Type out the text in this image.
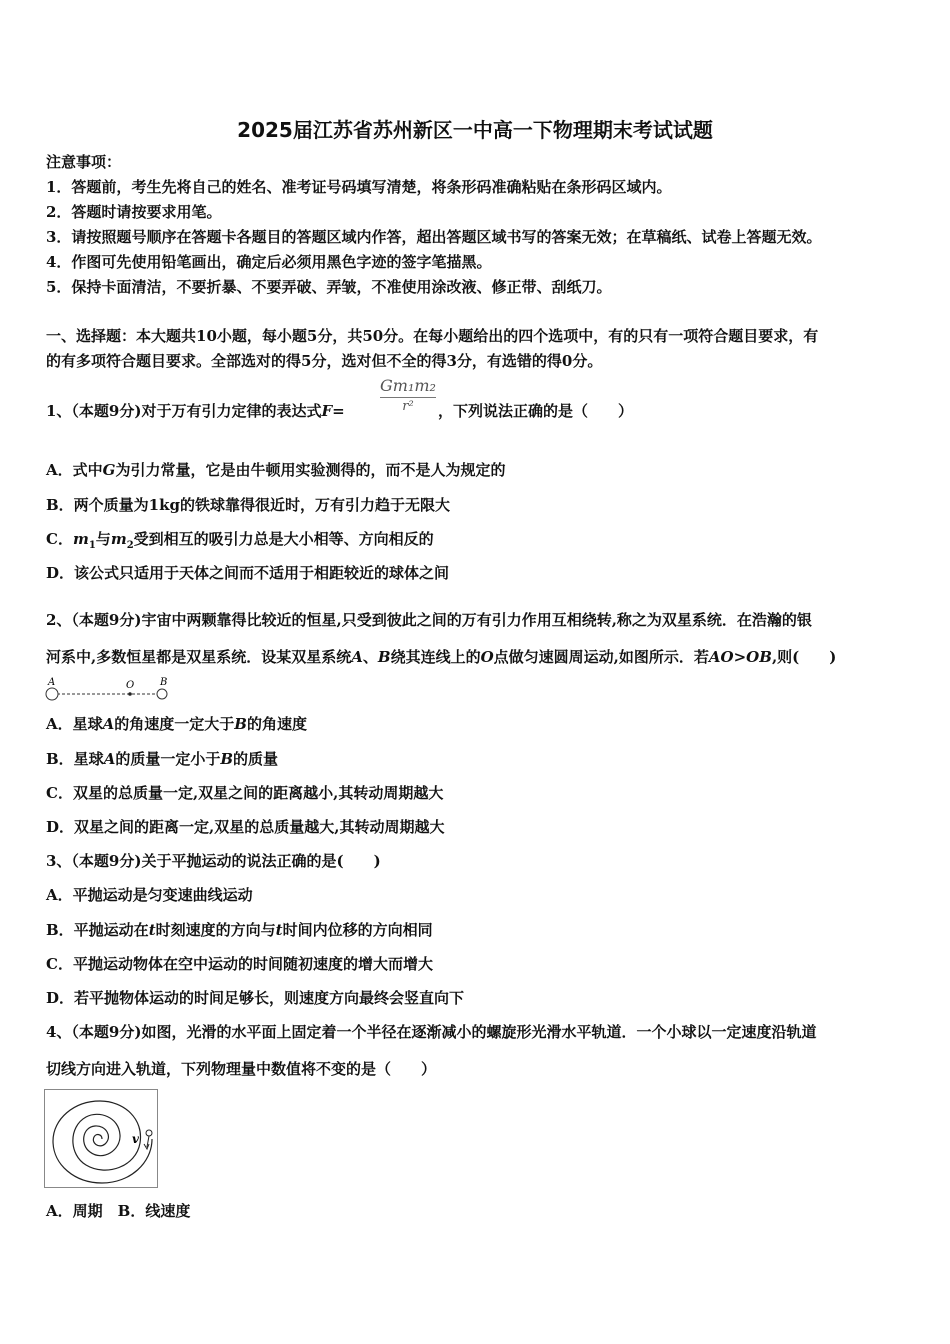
2025届江苏省苏州新区一中高一下物理期末考试试题
注意事项：
1．答题前，考生先将自己的姓名、准考证号码填写清楚，将条形码准确粘贴在条形码区域内。
2．答题时请按要求用笔。
3．请按照题号顺序在答题卡各题目的答题区域内作答，超出答题区域书写的答案无效；在草稿纸、试卷上答题无效。
4．作图可先使用铅笔画出，确定后必须用黑色字迹的签字笔描黑。
5．保持卡面清洁，不要折暴、不要弄破、弄皱，不准使用涂改液、修正带、刮纸刀。
一、选择题：本大题共10小题，每小题5分，共50分。在每小题给出的四个选项中，有的只有一项符合题目要求，有
的有多项符合题目要求。全部选对的得5分，选对但不全的得3分，有选错的得0分。
1、（本题9分)对于万有引力定律的表达式F=
Gm₁m₂
r²	，下列说法正确的是（　　）
A．式中G为引力常量，它是由牛顿用实验测得的，而不是人为规定的
B．两个质量为1kg的铁球靠得很近时，万有引力趋于无限大
C．$m_1$与$m_2$受到相互的吸引力总是大小相等、方向相反的
D．该公式只适用于天体之间而不适用于相距较近的球体之间
2、（本题9分)宇宙中两颗靠得比较近的恒星,只受到彼此之间的万有引力作用互相绕转,称之为双星系统．在浩瀚的银
河系中,多数恒星都是双星系统．设某双星系统A、B绕其连线上的O点做匀速圆周运动,如图所示．若AO>OB,则(　　)
A	O	B
A．星球A的角速度一定大于B的角速度
B．星球A的质量一定小于B的质量
C．双星的总质量一定,双星之间的距离越小,其转动周期越大
D．双星之间的距离一定,双星的总质量越大,其转动周期越大
3、（本题9分)关于平抛运动的说法正确的是(　　)
A．平抛运动是匀变速曲线运动
B．平抛运动在t时刻速度的方向与t时间内位移的方向相同
C．平抛运动物体在空中运动的时间随初速度的增大而增大
D．若平抛物体运动的时间足够长，则速度方向最终会竖直向下
4、（本题9分)如图，光滑的水平面上固定着一个半径在逐渐减小的螺旋形光滑水平轨道．一个小球以一定速度沿轨道
切线方向进入轨道，下列物理量中数值将不变的是（　　）
v
A．周期　B．线速度
